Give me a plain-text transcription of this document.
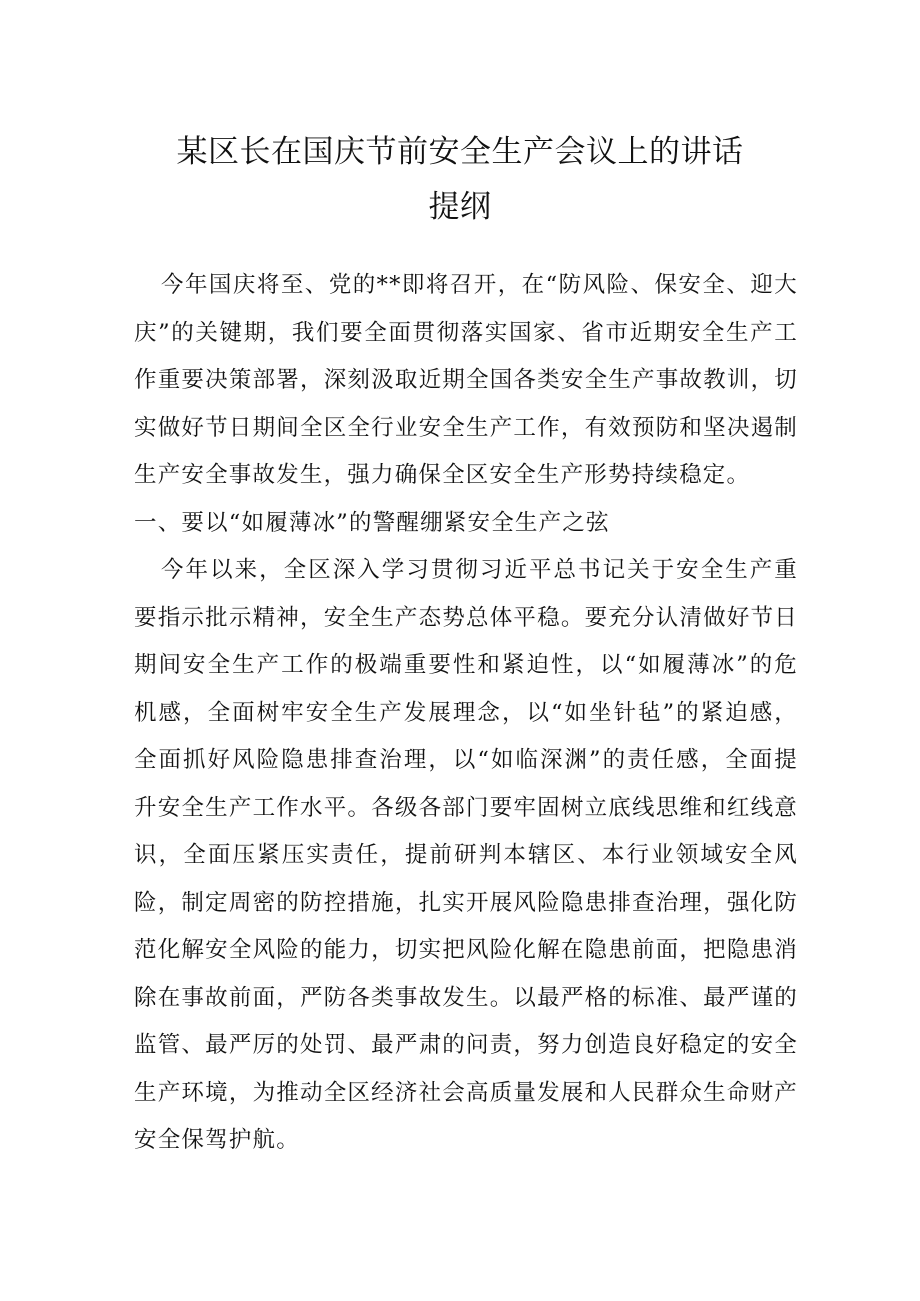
某区长在国庆节前安全生产会议上的讲话
提纲

今年国庆将至、党的**即将召开，在“防风险、保安全、迎大庆”的关键期，我们要全面贯彻落实国家、省市近期安全生产工作重要决策部署，深刻汲取近期全国各类安全生产事故教训，切实做好节日期间全区全行业安全生产工作，有效预防和坚决遏制生产安全事故发生，强力确保全区安全生产形势持续稳定。

一、要以“如履薄冰”的警醒绷紧安全生产之弦

今年以来，全区深入学习贯彻习近平总书记关于安全生产重要指示批示精神，安全生产态势总体平稳。要充分认清做好节日期间安全生产工作的极端重要性和紧迫性，以“如履薄冰”的危机感，全面树牢安全生产发展理念，以“如坐针毡”的紧迫感，全面抓好风险隐患排查治理，以“如临深渊”的责任感，全面提升安全生产工作水平。各级各部门要牢固树立底线思维和红线意识，全面压紧压实责任，提前研判本辖区、本行业领域安全风险，制定周密的防控措施，扎实开展风险隐患排查治理，强化防范化解安全风险的能力，切实把风险化解在隐患前面，把隐患消除在事故前面，严防各类事故发生。以最严格的标准、最严谨的监管、最严厉的处罚、最严肃的问责，努力创造良好稳定的安全生产环境，为推动全区经济社会高质量发展和人民群众生命财产安全保驾护航。
